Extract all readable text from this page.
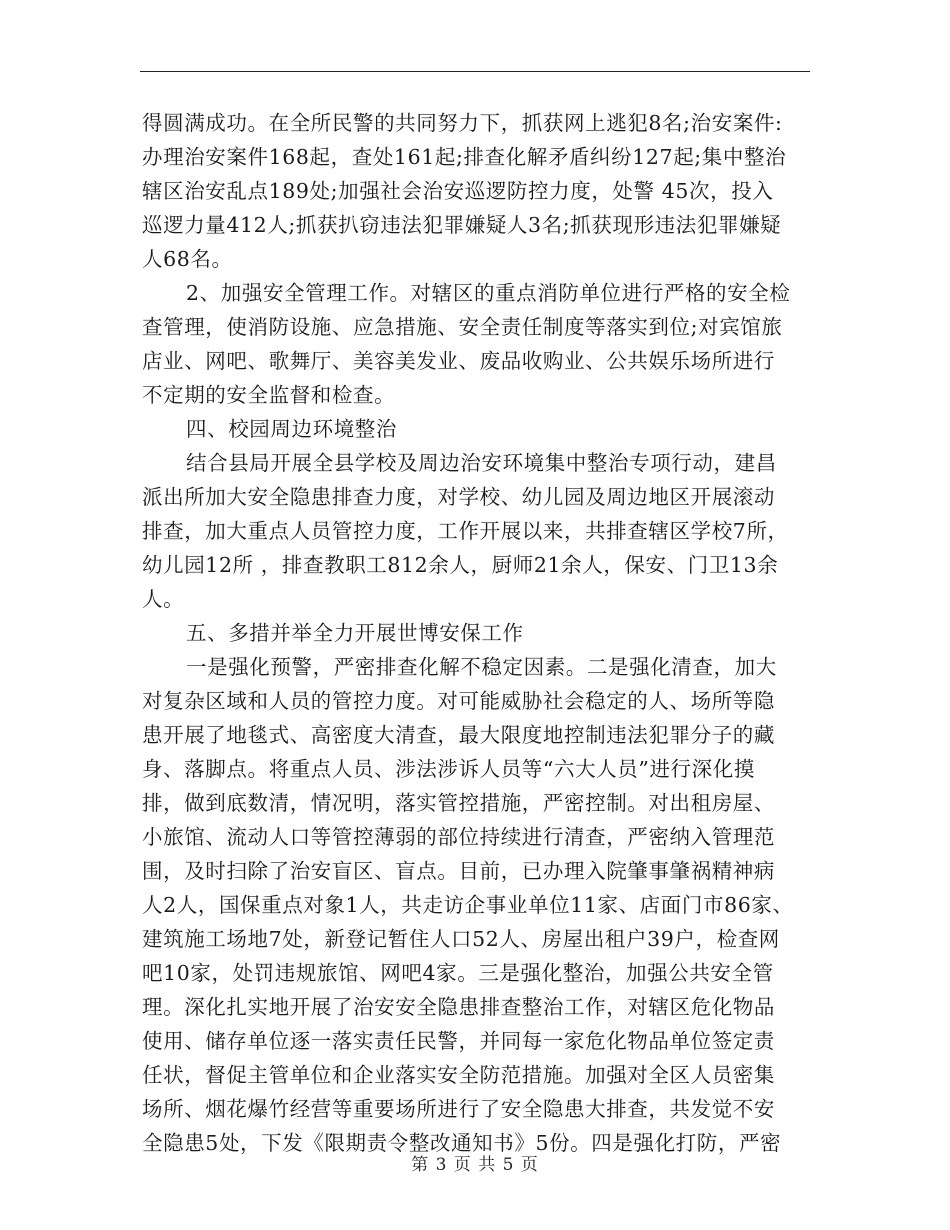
得圆满成功。在全所民警的共同努力下，抓获网上逃犯8名;治安案件:
办理治安案件168起，查处161起;排查化解矛盾纠纷127起;集中整治
辖区治安乱点189处;加强社会治安巡逻防控力度，处警 45次，投入
巡逻力量412人;抓获扒窃违法犯罪嫌疑人3名;抓获现形违法犯罪嫌疑
人68名。
2、加强安全管理工作。对辖区的重点消防单位进行严格的安全检
查管理，使消防设施、应急措施、安全责任制度等落实到位;对宾馆旅
店业、网吧、歌舞厅、美容美发业、废品收购业、公共娱乐场所进行
不定期的安全监督和检查。
四、校园周边环境整治
结合县局开展全县学校及周边治安环境集中整治专项行动，建昌
派出所加大安全隐患排查力度，对学校、幼儿园及周边地区开展滚动
排查，加大重点人员管控力度，工作开展以来，共排查辖区学校7所，
幼儿园12所 ，排查教职工812余人，厨师21余人，保安、门卫13余
人。
五、多措并举全力开展世博安保工作
一是强化预警，严密排查化解不稳定因素。二是强化清查，加大
对复杂区域和人员的管控力度。对可能威胁社会稳定的人、场所等隐
患开展了地毯式、高密度大清查，最大限度地控制违法犯罪分子的藏
身、落脚点。将重点人员、涉法涉诉人员等“六大人员”进行深化摸
排，做到底数清，情况明，落实管控措施，严密控制。对出租房屋、
小旅馆、流动人口等管控薄弱的部位持续进行清查，严密纳入管理范
围，及时扫除了治安盲区、盲点。目前，已办理入院肇事肇祸精神病
人2人，国保重点对象1人，共走访企事业单位11家、店面门市86家、
建筑施工场地7处，新登记暂住人口52人、房屋出租户39户，检查网
吧10家，处罚违规旅馆、网吧4家。三是强化整治，加强公共安全管
理。深化扎实地开展了治安安全隐患排查整治工作，对辖区危化物品
使用、储存单位逐一落实责任民警，并同每一家危化物品单位签定责
任状，督促主管单位和企业落实安全防范措施。加强对全区人员密集
场所、烟花爆竹经营等重要场所进行了安全隐患大排查，共发觉不安
全隐患5处，下发《限期责令整改通知书》5份。四是强化打防，严密
第 3 页 共 5 页
